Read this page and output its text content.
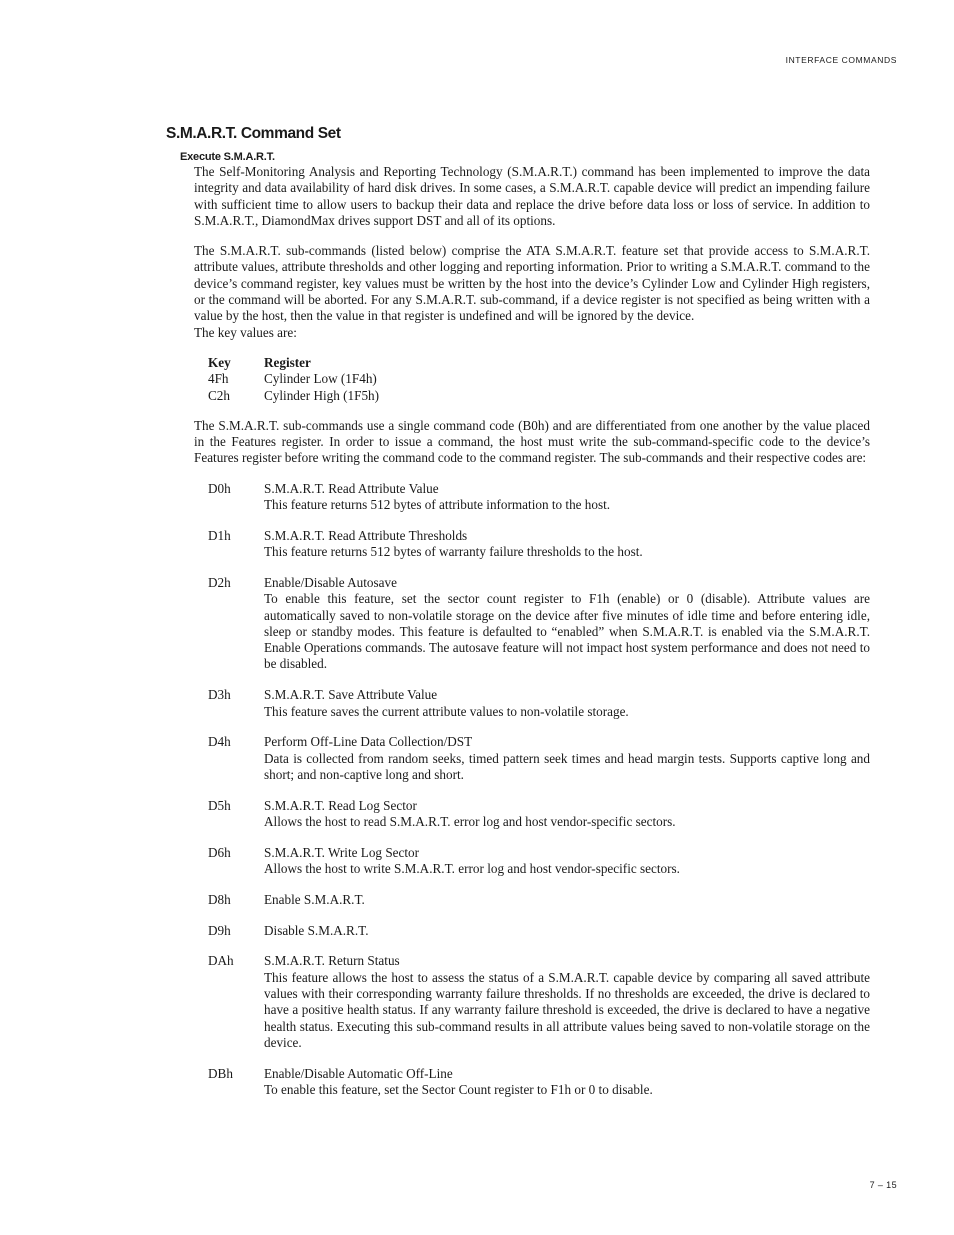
INTERFACE COMMANDS
S.M.A.R.T. Command Set
Execute S.M.A.R.T.
The Self-Monitoring Analysis and Reporting Technology (S.M.A.R.T.) command has been implemented to improve the data integrity and data availability of hard disk drives. In some cases, a S.M.A.R.T. capable device will predict an impending failure with sufficient time to allow users to backup their data and replace the drive before data loss or loss of service. In addition to S.M.A.R.T., DiamondMax drives support DST and all of its options.
The S.M.A.R.T. sub-commands (listed below) comprise the ATA S.M.A.R.T. feature set that provide access to S.M.A.R.T. attribute values, attribute thresholds and other logging and reporting information. Prior to writing a S.M.A.R.T. command to the device’s command register, key values must be written by the host into the device’s Cylinder Low and Cylinder High registers, or the command will be aborted. For any S.M.A.R.T. sub-command, if a device register is not specified as being written with a value by the host, then the value in that register is undefined and will be ignored by the device.
The key values are:
Key	Register
4Fh	Cylinder Low (1F4h)
C2h	Cylinder High (1F5h)
The S.M.A.R.T. sub-commands use a single command code (B0h) and are differentiated from one another by the value placed in the Features register. In order to issue a command, the host must write the sub-command-specific code to the device’s Features register before writing the command code to the command register. The sub-commands and their respective codes are:
D0h	S.M.A.R.T. Read Attribute Value
This feature returns 512 bytes of attribute information to the host.
D1h	S.M.A.R.T. Read Attribute Thresholds
This feature returns 512 bytes of warranty failure thresholds to the host.
D2h	Enable/Disable Autosave
To enable this feature, set the sector count register to F1h (enable) or 0 (disable). Attribute values are automatically saved to non-volatile storage on the device after five minutes of idle time and before entering idle, sleep or standby modes. This feature is defaulted to “enabled” when S.M.A.R.T. is enabled via the S.M.A.R.T. Enable Operations commands. The autosave feature will not impact host system performance and does not need to be disabled.
D3h	S.M.A.R.T. Save Attribute Value
This feature saves the current attribute values to non-volatile storage.
D4h	Perform Off-Line Data Collection/DST
Data is collected from random seeks, timed pattern seek times and head margin tests. Supports captive long and short; and non-captive long and short.
D5h	S.M.A.R.T. Read Log Sector
Allows the host to read S.M.A.R.T. error log and host vendor-specific sectors.
D6h	S.M.A.R.T. Write Log Sector
Allows the host to write S.M.A.R.T. error log and host vendor-specific sectors.
D8h	Enable S.M.A.R.T.
D9h	Disable S.M.A.R.T.
DAh	S.M.A.R.T. Return Status
This feature allows the host to assess the status of a S.M.A.R.T. capable device by comparing all saved attribute values with their corresponding warranty failure thresholds. If no thresholds are exceeded, the drive is declared to have a positive health status. If any warranty failure threshold is exceeded, the drive is declared to have a negative health status. Executing this sub-command results in all attribute values being saved to non-volatile storage on the device.
DBh	Enable/Disable Automatic Off-Line
To enable this feature, set the Sector Count register to F1h or 0 to disable.
7 – 15
